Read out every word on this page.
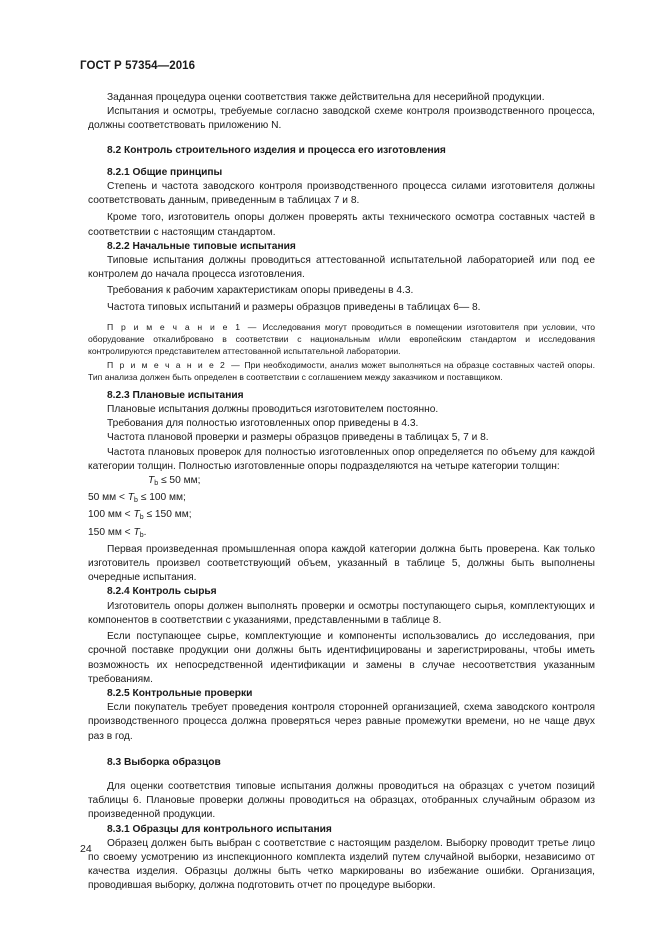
ГОСТ Р 57354—2016

Заданная процедура оценки соответствия также действительна для несерийной продукции.

Испытания и осмотры, требуемые согласно заводской схеме контроля производственного процесса, должны соответствовать приложению N.

8.2 Контроль строительного изделия и процесса его изготовления

8.2.1 Общие принципы

Степень и частота заводского контроля производственного процесса силами изготовителя должны соответствовать данным, приведенным в таблицах 7 и 8.

Кроме того, изготовитель опоры должен проверять акты технического осмотра составных частей в соответствии с настоящим стандартом.

8.2.2 Начальные типовые испытания

Типовые испытания должны проводиться аттестованной испытательной лабораторией или под ее контролем до начала процесса изготовления.

Требования к рабочим характеристикам опоры приведены в 4.3.

Частота типовых испытаний и размеры образцов приведены в таблицах 6— 8.

П р и м е ч а н и е 1 — Исследования могут проводиться в помещении изготовителя при условии, что оборудование откалибровано в соответствии с национальным и/или европейским стандартом и исследования контролируются представителем аттестованной испытательной лаборатории.

П р и м е ч а н и е 2 — При необходимости, анализ может выполняться на образце составных частей опоры. Тип анализа должен быть определен в соответствии с соглашением между заказчиком и поставщиком.

8.2.3 Плановые испытания

Плановые испытания должны проводиться изготовителем постоянно.

Требования для полностью изготовленных опор приведены в 4.3.

Частота плановой проверки и размеры образцов приведены в таблицах 5, 7 и 8.

Частота плановых проверок для полностью изготовленных опор определяется по объему для каждой категории толщин. Полностью изготовленные опоры подразделяются на четыре категории толщин:

$T_b \le 50$ мм;

50 мм < $T_b \le 100$ мм;

100 мм < $T_b \le 150$ мм;

150 мм < $T_b$.

Первая произведенная промышленная опора каждой категории должна быть проверена. Как только изготовитель произвел соответствующий объем, указанный в таблице 5, должны быть выполнены очередные испытания.

8.2.4 Контроль сырья

Изготовитель опоры должен выполнять проверки и осмотры поступающего сырья, комплектующих и компонентов в соответствии с указаниями, представленными в таблице 8.

Если поступающее сырье, комплектующие и компоненты использовались до исследования, при срочной поставке продукции они должны быть идентифицированы и зарегистрированы, чтобы иметь возможность их непосредственной идентификации и замены в случае несоответствия указанным требованиям.

8.2.5 Контрольные проверки

Если покупатель требует проведения контроля сторонней организацией, схема заводского контроля производственного процесса должна проверяться через равные промежутки времени, но не чаще двух раз в год.

8.3 Выборка образцов

Для оценки соответствия типовые испытания должны проводиться на образцах с учетом позиций таблицы 6. Плановые проверки должны проводиться на образцах, отобранных случайным образом из произведенной продукции.

8.3.1 Образцы для контрольного испытания

Образец должен быть выбран с соответствие с настоящим разделом. Выборку проводит третье лицо по своему усмотрению из инспекционного комплекта изделий путем случайной выборки, независимо от качества изделия. Образцы должны быть четко маркированы во избежание ошибки. Организация, проводившая выборку, должна подготовить отчет по процедуре выборки.

24
